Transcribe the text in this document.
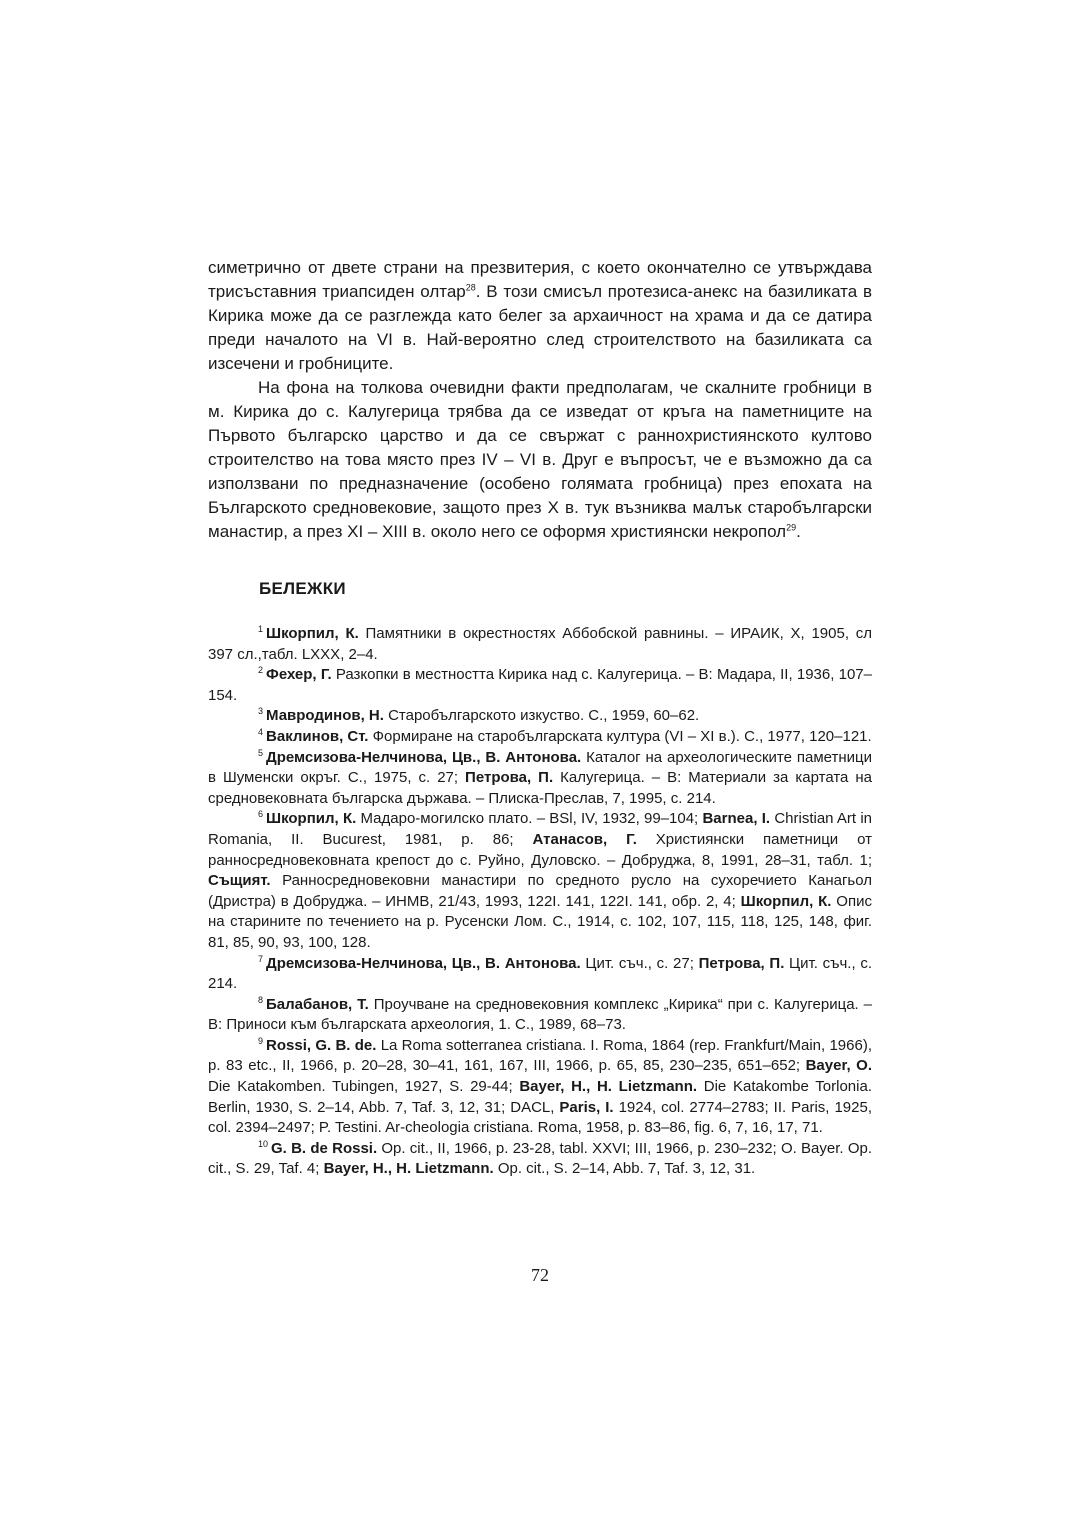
симетрично от двете страни на презвитерия, с което окончателно се утвърждава трисъставния триапсиден олтар$^{28}$. В този смисъл протезиса-анекс на базиликата в Кирика може да се разглежда като белег за архаичност на храма и да се датира преди началото на VI в. Най-вероятно след строителството на базиликата са изсечени и гробниците.

На фона на толкова очевидни факти предполагам, че скалните гробници в м. Кирика до с. Калугерица трябва да се изведат от кръга на паметниците на Първото българско царство и да се свържат с раннохристиянското култово строителство на това място през IV – VI в. Друг е въпросът, че е възможно да са използвани по предназначение (особено голямата гробница) през епохата на Българското средновековие, защото през X в. тук възниква малък старобългарски манастир, а през XI – XIII в. около него се оформя християнски некропол$^{29}$.

БЕЛЕЖКИ

$^1$ Шкорпил, К. Памятники в окрестностях Аббобской равнины. – ИРАИК, X, 1905, сл 397 сл.,табл. LXXX, 2–4.

$^2$ Фехер, Г. Разкопки в местността Кирика над с. Калугерица. – В: Мадара, II, 1936, 107–154.

$^3$ Мавродинов, Н. Старобългарското изкуство. С., 1959, 60–62.

$^4$ Ваклинов, Ст. Формиране на старобългарската култура (VI – XI в.). С., 1977, 120–121.

$^5$ Дремсизова-Нелчинова, Цв., В. Антонова. Каталог на археологическите паметници в Шуменски окръг. С., 1975, с. 27; Петрова, П. Калугерица. – В: Материали за картата на средновековната българска държава. – Плиска-Преслав, 7, 1995, с. 214.

$^6$ Шкорпил, К. Мадаро-могилско плато. – BSl, IV, 1932, 99–104; Barnea, I. Christian Art in Romania, II. Bucurest, 1981, p. 86; Атанасов, Г. Християнски паметници от ранносредновековната крепост до с. Руйно, Дуловско. – Добруджа, 8, 1991, 28–31, табл. 1; Същият. Ранносредновековни манастири по средното русло на сухоречието Канагьол (Дристра) в Добруджа. – ИНМВ, 21/43, 1993, 122I. 141, 122I. 141, обр. 2, 4; Шкорпил, К. Опис на старините по течението на р. Русенски Лом. С., 1914, с. 102, 107, 115, 118, 125, 148, фиг. 81, 85, 90, 93, 100, 128.

$^7$ Дремсизова-Нелчинова, Цв., В. Антонова. Цит. съч., с. 27; Петрова, П. Цит. съч., с. 214.

$^8$ Балабанов, Т. Проучване на средновековния комплекс „Кирика“ при с. Калугерица. – В: Приноси към българската археология, 1. С., 1989, 68–73.

$^9$ Rossi, G. B. de. La Roma sotterranea cristiana. I. Roma, 1864 (rep. Frankfurt/Main, 1966), p. 83 etc., II, 1966, p. 20–28, 30–41, 161, 167, III, 1966, p. 65, 85, 230–235, 651–652; Bayer, O. Die Katakomben. Tubingen, 1927, S. 29-44; Bayer, H., H. Lietzmann. Die Katakombe Torlonia. Berlin, 1930, S. 2–14, Abb. 7, Taf. 3, 12, 31; DACL, Paris, I. 1924, col. 2774–2783; II. Paris, 1925, col. 2394–2497; P. Testini. Ar-cheologia cristiana. Roma, 1958, p. 83–86, fig. 6, 7, 16, 17, 71.

$^{10}$ G. B. de Rossi. Op. cit., II, 1966, p. 23-28, tabl. XXVI; III, 1966, p. 230–232; O. Bayer. Op. cit., S. 29, Taf. 4; Bayer, H., H. Lietzmann. Op. cit., S. 2–14, Abb. 7, Taf. 3, 12, 31.

72
